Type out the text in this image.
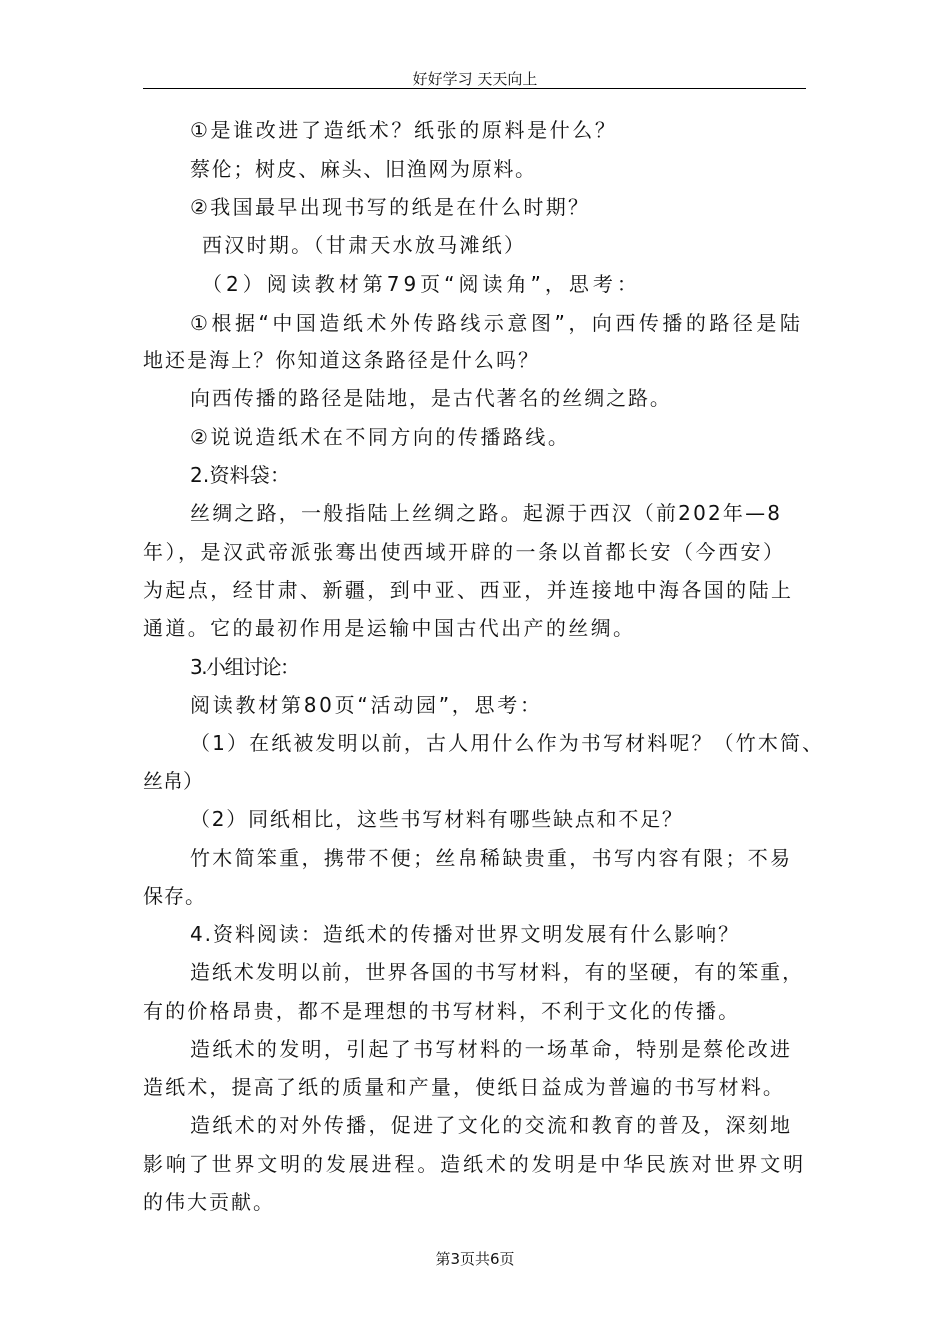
好好学习 天天向上
①是谁改进了造纸术？纸张的原料是什么？
蔡伦；树皮、麻头、旧渔网为原料。
②我国最早出现书写的纸是在什么时期？
西汉时期。（甘肃天水放马滩纸）
（2）阅读教材第79页“阅读角”，思考：
①根据“中国造纸术外传路线示意图”，向西传播的路径是陆
地还是海上？你知道这条路径是什么吗？
向西传播的路径是陆地，是古代著名的丝绸之路。
②说说造纸术在不同方向的传播路线。
2.资料袋：
丝绸之路，一般指陆上丝绸之路。起源于西汉（前202年—8
年），是汉武帝派张骞出使西域开辟的一条以首都长安（今西安）
为起点，经甘肃、新疆，到中亚、西亚，并连接地中海各国的陆上
通道。它的最初作用是运输中国古代出产的丝绸。
3.小组讨论：
阅读教材第80页“活动园”，思考：
（1）在纸被发明以前，古人用什么作为书写材料呢？（竹木简、
丝帛）
（2）同纸相比，这些书写材料有哪些缺点和不足？
竹木简笨重，携带不便；丝帛稀缺贵重，书写内容有限；不易
保存。
4.资料阅读：造纸术的传播对世界文明发展有什么影响？
造纸术发明以前，世界各国的书写材料，有的坚硬，有的笨重，
有的价格昂贵，都不是理想的书写材料，不利于文化的传播。
造纸术的发明，引起了书写材料的一场革命，特别是蔡伦改进
造纸术，提高了纸的质量和产量，使纸日益成为普遍的书写材料。
造纸术的对外传播，促进了文化的交流和教育的普及，深刻地
影响了世界文明的发展进程。造纸术的发明是中华民族对世界文明
的伟大贡献。
第3页共6页
